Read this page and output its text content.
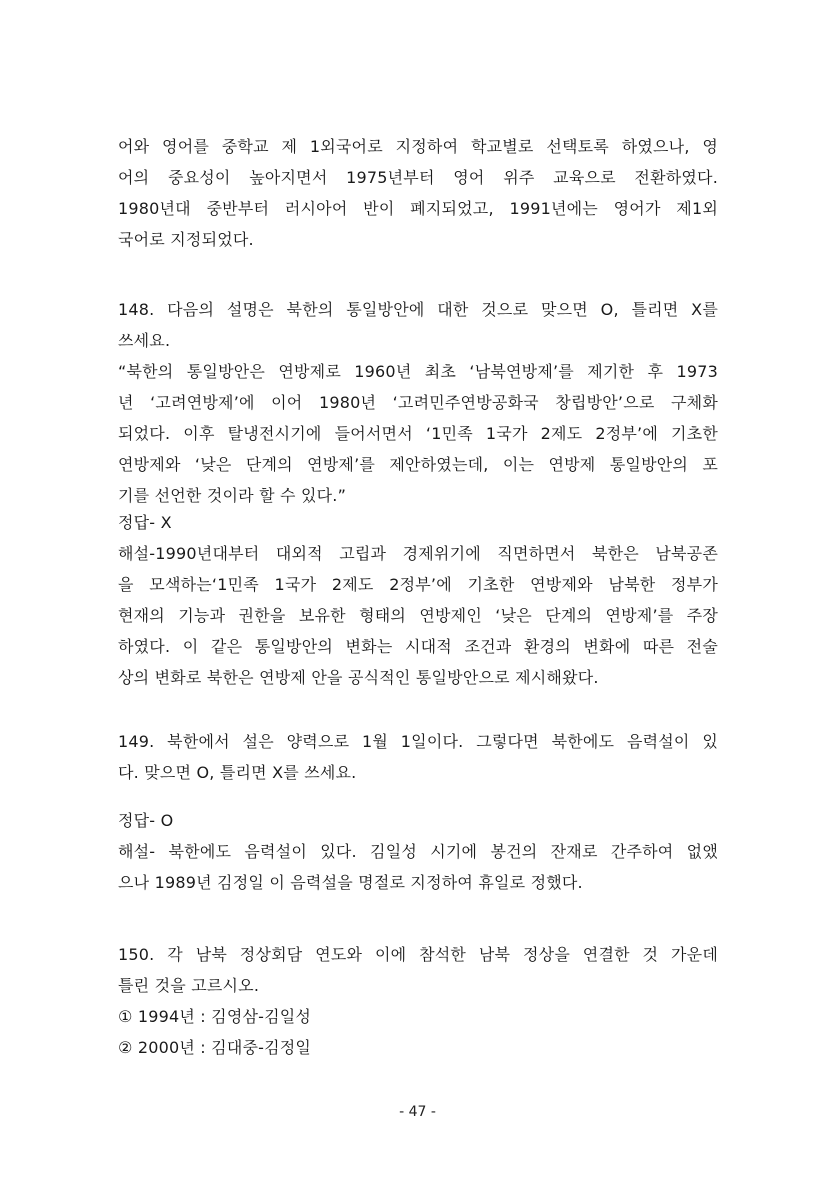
어와 영어를 중학교 제 1외국어로 지정하여 학교별로 선택토록 하였으나, 영
어의 중요성이 높아지면서 1975년부터 영어 위주 교육으로 전환하였다.
1980년대 중반부터 러시아어 반이 폐지되었고, 1991년에는 영어가 제1외
국어로 지정되었다.
148. 다음의 설명은 북한의 통일방안에 대한 것으로 맞으면 O, 틀리면 X를
쓰세요.
“북한의 통일방안은 연방제로 1960년 최초 ‘남북연방제’를 제기한 후 1973
년 ‘고려연방제’에 이어 1980년 ‘고려민주연방공화국 창립방안’으로 구체화
되었다. 이후 탈냉전시기에 들어서면서 ‘1민족 1국가 2제도 2정부’에 기초한
연방제와 ‘낮은 단계의 연방제’를 제안하였는데, 이는 연방제 통일방안의 포
기를 선언한 것이라 할 수 있다.”
정답- X
해설-1990년대부터 대외적 고립과 경제위기에 직면하면서 북한은 남북공존
을 모색하는‘1민족 1국가 2제도 2정부’에 기초한 연방제와 남북한 정부가
현재의 기능과 권한을 보유한 형태의 연방제인 ‘낮은 단계의 연방제’를 주장
하였다. 이 같은 통일방안의 변화는 시대적 조건과 환경의 변화에 따른 전술
상의 변화로 북한은 연방제 안을 공식적인 통일방안으로 제시해왔다.
149. 북한에서 설은 양력으로 1월 1일이다. 그렇다면 북한에도 음력설이 있
다. 맞으면 O, 틀리면 X를 쓰세요.
정답- O
해설- 북한에도 음력설이 있다. 김일성 시기에 봉건의 잔재로 간주하여 없앴
으나 1989년 김정일 이 음력설을 명절로 지정하여 휴일로 정했다.
150. 각 남북 정상회담 연도와 이에 참석한 남북 정상을 연결한 것 가운데
틀린 것을 고르시오.
① 1994년 : 김영삼-김일성
② 2000년 : 김대중-김정일
- 47 -
